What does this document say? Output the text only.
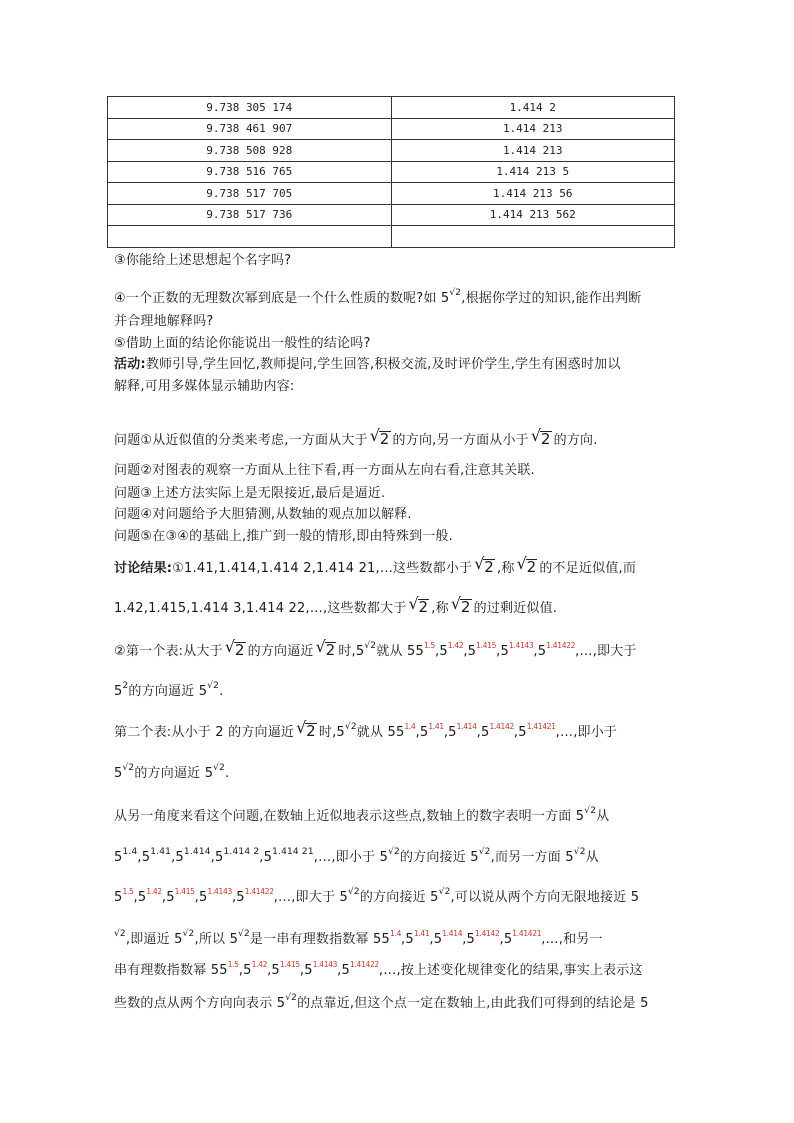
9.738 305 174	1.414 2
9.738 461 907	1.414 213
9.738 508 928	1.414 213
9.738 516 765	1.414 213 5
9.738 517 705	1.414 213 56
9.738 517 736	1.414 213 562

③你能给上述思想起个名字吗?
④一个正数的无理数次幂到底是一个什么性质的数呢?如 $5^{√2}$,根据你学过的知识,能作出判断
并合理地解释吗?
⑤借助上面的结论你能说出一般性的结论吗?
活动:教师引导,学生回忆,教师提问,学生回答,积极交流,及时评价学生,学生有困惑时加以
解释,可用多媒体显示辅助内容:
问题①从近似值的分类来考虑,一方面从大于 √ 2 的方向,另一方面从小于 √ 2 的方向.
问题②对图表的观察一方面从上往下看,再一方面从左向右看,注意其关联.
问题③上述方法实际上是无限接近,最后是逼近.
问题④对问题给予大胆猜测,从数轴的观点加以解释.
问题⑤在③④的基础上,推广到一般的情形,即由特殊到一般.
讨论结果:①1.41,1.414,1.414 2,1.414 21,…这些数都小于 √ 2 ,称 √ 2 的不足近似值,而
1.42,1.415,1.414 3,1.414 22,…,这些数都大于 √ 2 ,称 √ 2 的过剩近似值.
②第一个表:从大于 √ 2 的方向逼近 √ 2 时$,5^{√2}$就从 $55^{1.5},5^{1.42},5^{1.415},5^{1.4143},5^{1.41422},\dots$,即大于
$5^2$的方向逼近 $5^{√2}$.
第二个表:从小于 2 的方向逼近 √ 2 时$,5^{√2}$就从 $55^{1.4},5^{1.41},5^{1.414},5^{1.4142},5^{1.41421},\dots$,即小于
$5^{√2}$的方向逼近 $5^{√2}$.
从另一角度来看这个问题,在数轴上近似地表示这些点,数轴上的数字表明一方面 $5^{√2}$从
$5^{1.4},5^{1.41},5^{1.414},5^{1.414 2},5^{1.414 21},\dots$,即小于 $5^{√2}$的方向接近 $5^{√2}$,而另一方面 $5^{√2}$从
$5^{1.5},5^{1.42},5^{1.415},5^{1.4143},5^{1.41422},\dots$,即大于 $5^{√2}$的方向接近 $5^{√2}$,可以说从两个方向无限地接近 5
$^{√2}$,即逼近 $5^{√2}$,所以 $5^{√2}$是一串有理数指数幂 $55^{1.4},5^{1.41},5^{1.414},5^{1.4142},5^{1.41421},\dots$,和另一
串有理数指数幂 $55^{1.5},5^{1.42},5^{1.415},5^{1.4143},5^{1.41422},\dots$,按上述变化规律变化的结果,事实上表示这
些数的点从两个方向向表示 $5^{√2}$的点靠近,但这个点一定在数轴上,由此我们可得到的结论是 5
